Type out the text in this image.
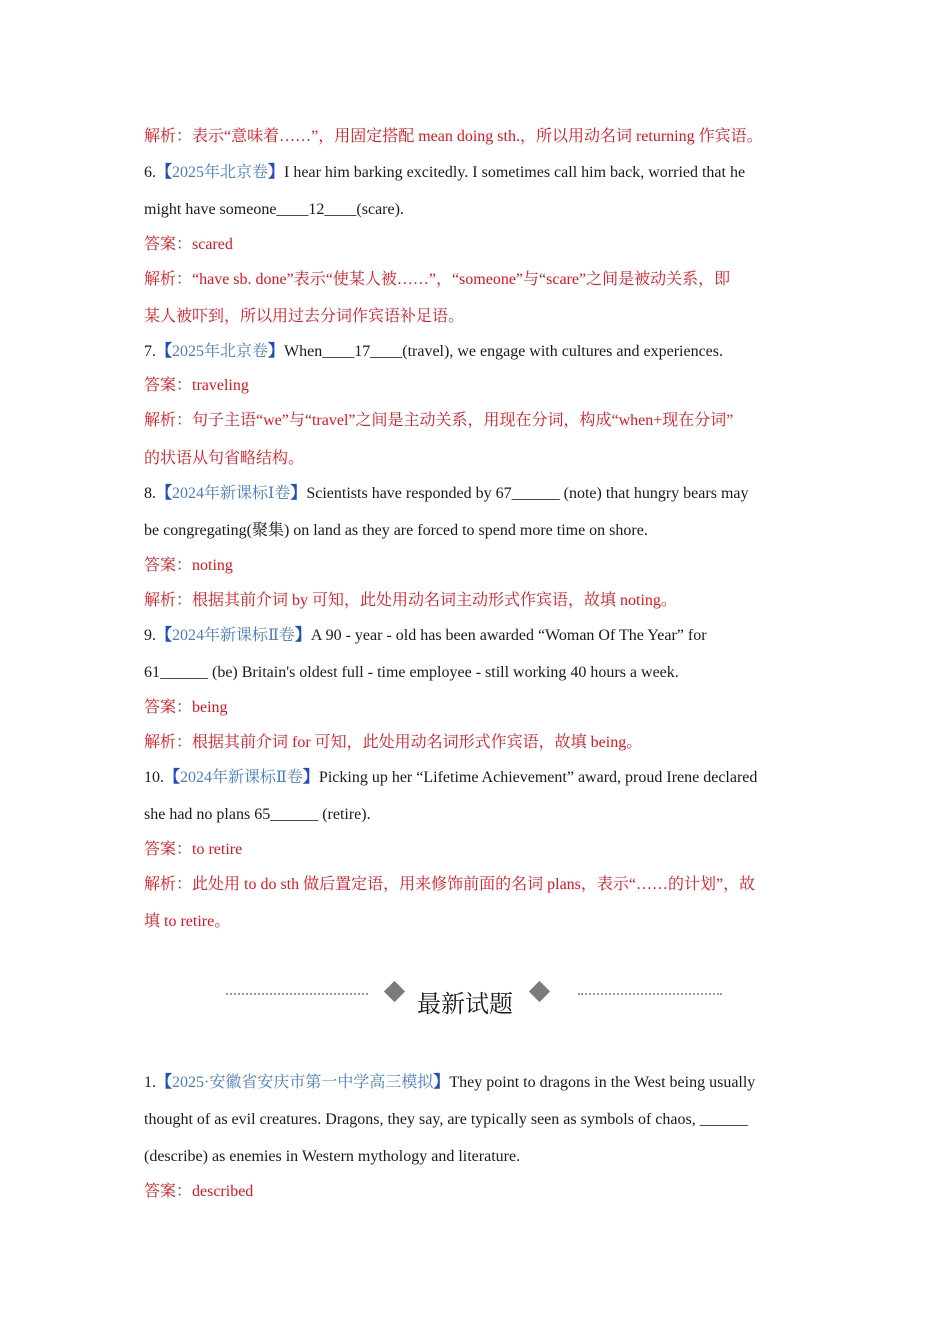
解析：表示“意味着……”，用固定搭配 mean doing sth.，所以用动名词 returning 作宾语。
6.【2025年北京卷】I hear him barking excitedly. I sometimes call him back, worried that he
might have someone____12____(scare).
答案：scared
解析：“have sb. done”表示“使某人被……”，“someone”与“scare”之间是被动关系，即
某人被吓到，所以用过去分词作宾语补足语。
7.【2025年北京卷】When____17____(travel), we engage with cultures and experiences.
答案：traveling
解析：句子主语“we”与“travel”之间是主动关系，用现在分词，构成“when+现在分词”
的状语从句省略结构。
8.【2024年新课标Ⅰ卷】Scientists have responded by 67______ (note) that hungry bears may
be congregating(聚集) on land as they are forced to spend more time on shore.
答案：noting
解析：根据其前介词 by 可知，此处用动名词主动形式作宾语，故填 noting。
9.【2024年新课标Ⅱ卷】A 90 - year - old has been awarded “Woman Of The Year” for
61______ (be) Britain's oldest full - time employee - still working 40 hours a week.
答案：being
解析：根据其前介词 for 可知，此处用动名词形式作宾语，故填 being。
10.【2024年新课标Ⅱ卷】Picking up her “Lifetime Achievement” award, proud Irene declared
she had no plans 65______ (retire).
答案：to retire
解析：此处用 to do sth 做后置定语，用来修饰前面的名词 plans，表示“……的计划”，故
填 to retire。
最新试题
1.【2025·安徽省安庆市第一中学高三模拟】They point to dragons in the West being usually
thought of as evil creatures. Dragons, they say, are typically seen as symbols of chaos, ______
(describe) as enemies in Western mythology and literature.
答案：described
